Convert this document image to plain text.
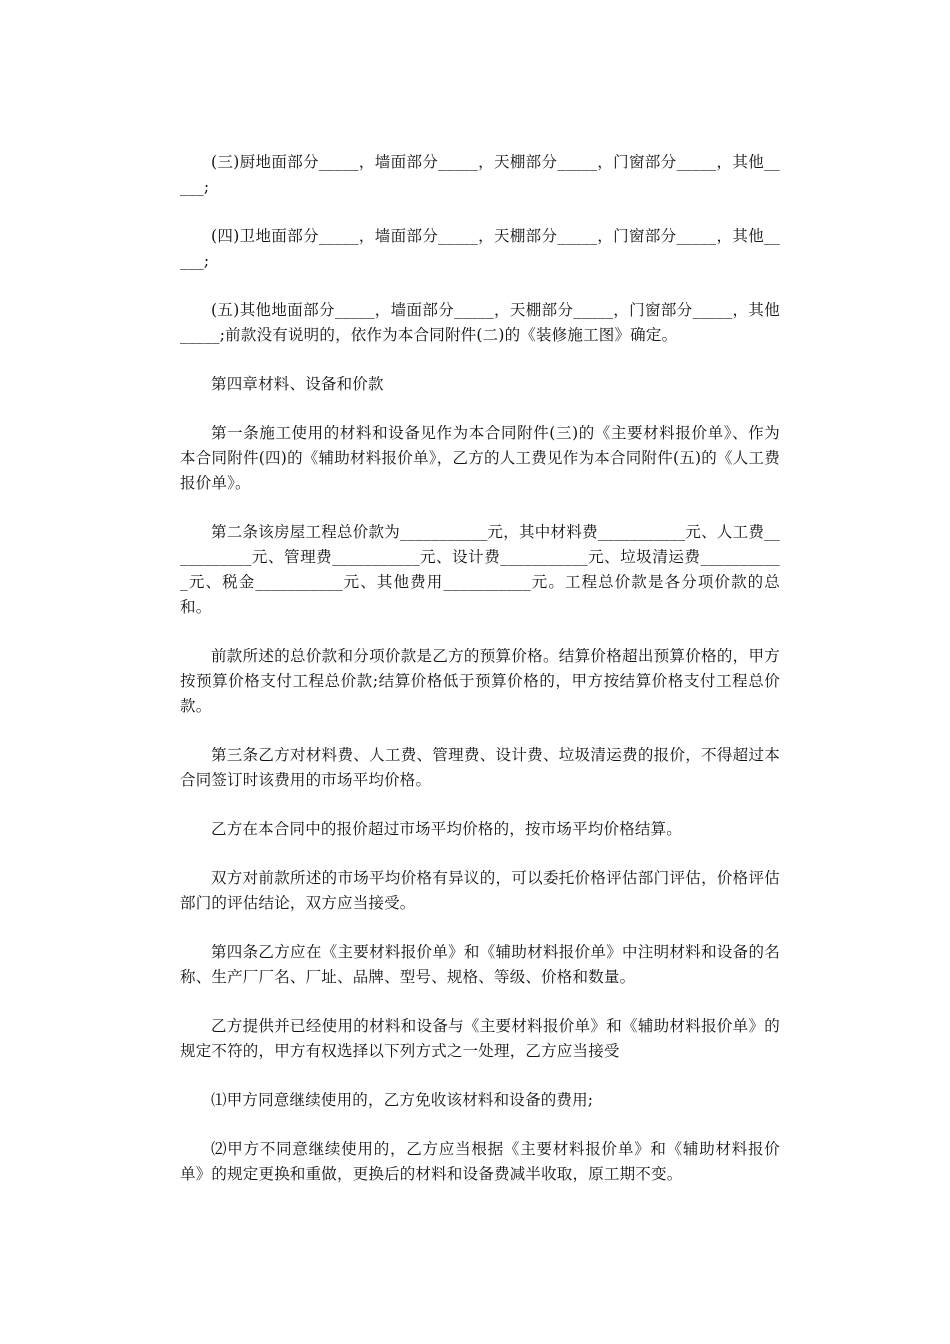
(三)厨地面部分_____，墙面部分_____，天棚部分_____，门窗部分_____，其他_____;

(四)卫地面部分_____，墙面部分_____，天棚部分_____，门窗部分_____，其他_____;

(五)其他地面部分_____，墙面部分_____，天棚部分_____，门窗部分_____，其他_____;前款没有说明的，依作为本合同附件(二)的《装修施工图》确定。

第四章材料、设备和价款

第一条施工使用的材料和设备见作为本合同附件(三)的《主要材料报价单》、作为本合同附件(四)的《辅助材料报价单》，乙方的人工费见作为本合同附件(五)的《人工费报价单》。

第二条该房屋工程总价款为___________元，其中材料费___________元、人工费___________元、管理费___________元、设计费___________元、垃圾清运费___________元、税金___________元、其他费用___________元。工程总价款是各分项价款的总和。

前款所述的总价款和分项价款是乙方的预算价格。结算价格超出预算价格的，甲方按预算价格支付工程总价款;结算价格低于预算价格的，甲方按结算价格支付工程总价款。

第三条乙方对材料费、人工费、管理费、设计费、垃圾清运费的报价，不得超过本合同签订时该费用的市场平均价格。

乙方在本合同中的报价超过市场平均价格的，按市场平均价格结算。

双方对前款所述的市场平均价格有异议的，可以委托价格评估部门评估，价格评估部门的评估结论，双方应当接受。

第四条乙方应在《主要材料报价单》和《辅助材料报价单》中注明材料和设备的名称、生产厂厂名、厂址、品牌、型号、规格、等级、价格和数量。

乙方提供并已经使用的材料和设备与《主要材料报价单》和《辅助材料报价单》的规定不符的，甲方有权选择以下列方式之一处理，乙方应当接受

⑴甲方同意继续使用的，乙方免收该材料和设备的费用;

⑵甲方不同意继续使用的，乙方应当根据《主要材料报价单》和《辅助材料报价单》的规定更换和重做，更换后的材料和设备费减半收取，原工期不变。
